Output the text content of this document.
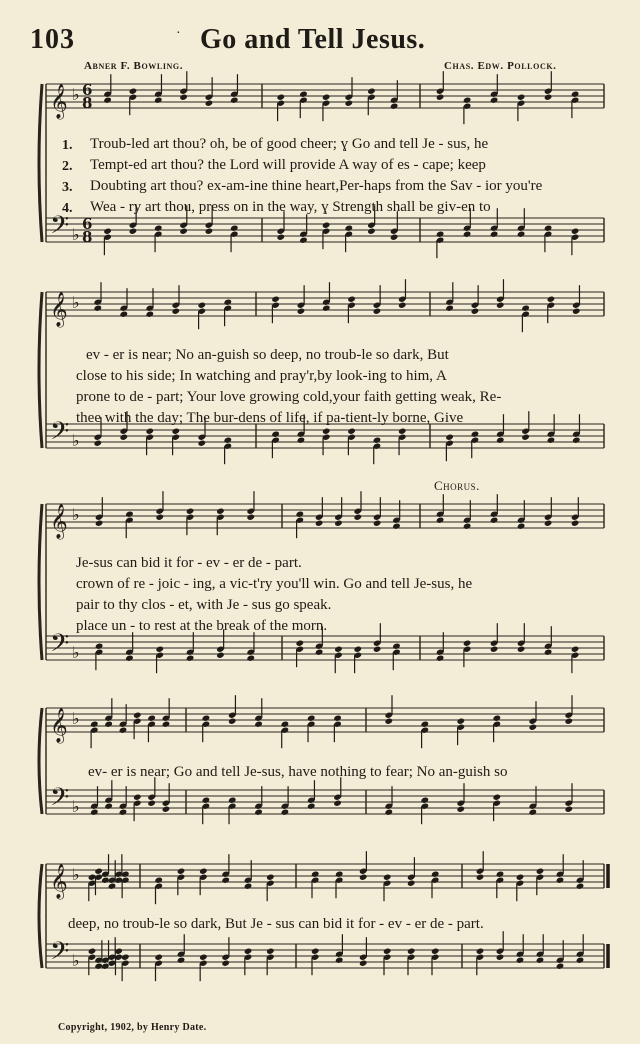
103	· Go and Tell Jesus.
Abner F. Bowling.	Chas. Edw. Pollock.
𝄞 ♭ 6
8
𝄢 ♭
6
8
𝄞 ♭
𝄢 ♭
𝄞 ♭
𝄢 ♭
𝄞 ♭
𝄢 ♭
𝄞 ♭
𝄢 ♭
1. Troub-led art thou? oh, be of good cheer; ɣ Go and tell Je - sus, he
2. Tempt-ed art thou? the Lord will provide A way of es - cape; keep
3. Doubting art thou? ex-am-ine thine heart,Per-haps from the Sav - ior you're
4. Wea - ry art thou, press on in the way, ɣ Strength shall be giv-en to
ev - er is near; No an-guish so deep, no troub-le so dark, But
close to his side; In watching and pray'r,by look-ing to him, A
prone to de - part; Your love growing cold,your faith getting weak, Re-
thee with the day; The bur-dens of life, if pa-tient-ly borne, Give
Chorus.
Je-sus can bid it for - ev - er de - part.
crown of re - joic - ing, a vic-t'ry you'll win. Go and tell Je-sus, he
pair to thy clos - et, with Je - sus go speak.
place un - to rest at the break of the morn.
ev- er is near; Go and tell Je-sus, have nothing to fear; No an-guish so
deep, no troub-le so dark, But Je - sus can bid it for - ev - er de - part.
Copyright, 1902, by Henry Date.
